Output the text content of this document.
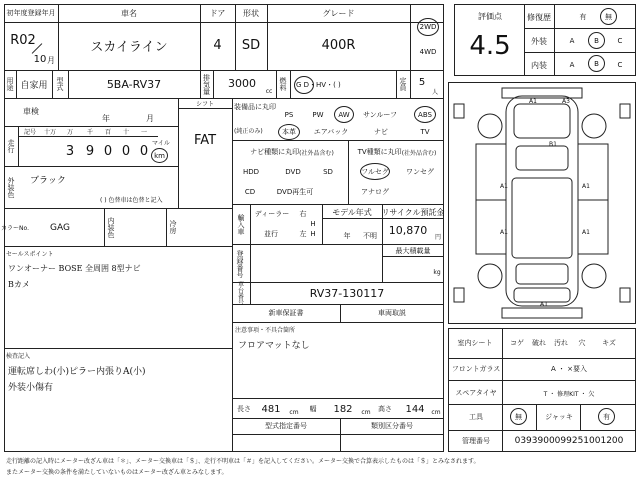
初年度登録年月	車名	ドア	形状	グレード
R02
10 月
スカイライン	4	SD	400R
2WD
4WD
用途 自家用	型式	5BA-RV37	排気量	3000
cc 燃料	G D・HV・( )	定員	5
人
車検
年	月
シフト
FAT
走行
記号	十万	万	千	百	十	一
3 9 0 0 0
マイル
km
外装色	ブラック
( ) 色替車は色替と記入
カラーNo.	GAG	内装色	冷房
セールスポイント
ワンオーナー BOSE 全周囲 8型ナビ
Bカメ
検査記入
運転席しわ(小)ピラー内張りA(小)
外装小傷有
装備品に丸印
(純正のみ)
PS	PW	AW	サンルーフ	ABS
本革	エアバック	ナビ	TV
ナビ種類に丸印 (社外品含む)
HDD	DVD	SD
CD	DVD再生可
TV種類に丸印 (社外品含む)
フルセグ ワンセグ
アナログ
輸入車	ディーラー
並行
右
左
H
H
モデル年式
年	不明
リサイクル預託金
10,870
円
最大積載量
kg
登録番号
車台番号	RV37-130117
新車保証書	車両取説
注意事項・不具合箇所
フロアマットなし
長さ	481	cm	幅	182	cm	高さ	144	cm
型式指定番号	類別区分番号
評価点
4.5
修復歴	有	無
外装	A	B	C
内装	A	B	C
A1	A3
B1
A1	A1
A1	A1
A1
室内シート	コゲ 破れ 汚れ	穴	キズ
フロントガラス	A ・ ×要入
スペアタイヤ	T ・ 修理KIT ・ 欠
工具	無	ジャッキ	有
管理番号	0393900099251001200
走行距離の記入時にメーター改ざん車は「＊」、メーター交換車は「＄」、走行不明車は「＃」を記入してください。メーター交換で合算表示したものは「＄」とみなされます。
またメーター交換の条件を満たしていないものはメーター改ざん車とみなします。
